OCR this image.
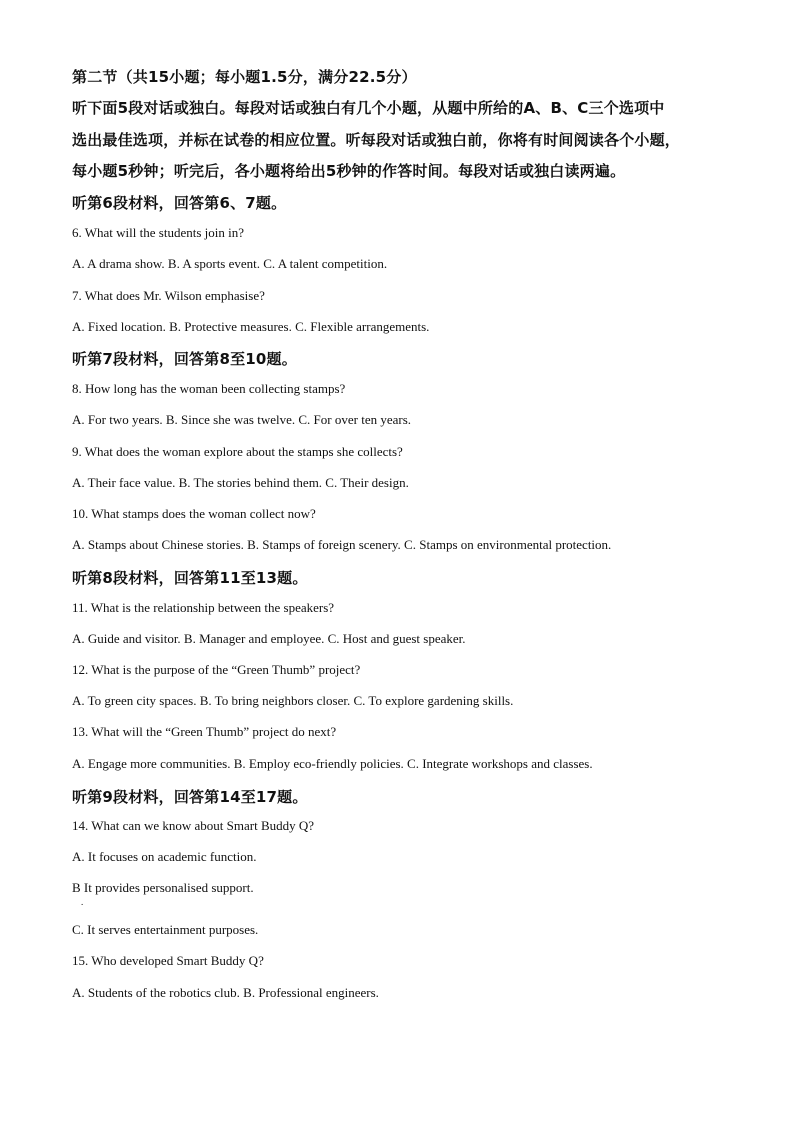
第二节（共15小题；每小题1.5分，满分22.5分）
听下面5段对话或独白。每段对话或独白有几个小题，从题中所给的A、B、C三个选项中
选出最佳选项，并标在试卷的相应位置。听每段对话或独白前，你将有时间阅读各个小题，
每小题5秒钟；听完后，各小题将给出5秒钟的作答时间。每段对话或独白读两遍。
听第6段材料，回答第6、7题。
6. What will the students join in?
A. A drama show. B. A sports event. C. A talent competition.
7. What does Mr. Wilson emphasise?
A. Fixed location. B. Protective measures. C. Flexible arrangements.
听第7段材料，回答第8至10题。
8. How long has the woman been collecting stamps?
A. For two years. B. Since she was twelve. C. For over ten years.
9. What does the woman explore about the stamps she collects?
A. Their face value. B. The stories behind them. C. Their design.
10. What stamps does the woman collect now?
A. Stamps about Chinese stories. B. Stamps of foreign scenery. C. Stamps on environmental protection.
听第8段材料，回答第11至13题。
11. What is the relationship between the speakers?
A. Guide and visitor. B. Manager and employee. C. Host and guest speaker.
12. What is the purpose of the “Green Thumb” project?
A. To green city spaces. B. To bring neighbors closer. C. To explore gardening skills.
13. What will the “Green Thumb” project do next?
A. Engage more communities. B. Employ eco-friendly policies. C. Integrate workshops and classes.
听第9段材料，回答第14至17题。
14. What can we know about Smart Buddy Q?
A. It focuses on academic function.
B It provides personalised support.
.
C. It serves entertainment purposes.
15. Who developed Smart Buddy Q?
A. Students of the robotics club. B. Professional engineers.
